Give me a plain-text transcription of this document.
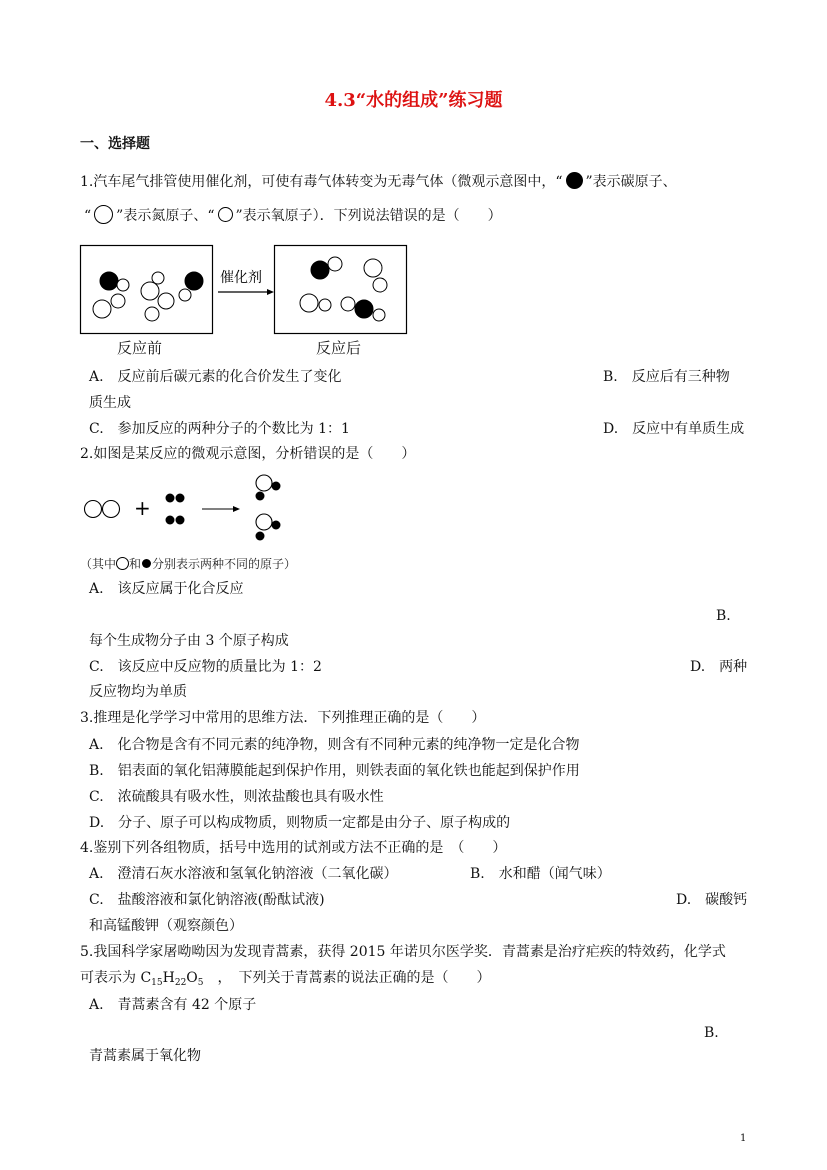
4.3“水的组成”练习题
一、选择题
1.汽车尾气排管使用催化剂，可使有毒气体转变为无毒气体（微观示意图中，“ ”表示碳原子、
“ ”表示氮原子、“ ”表示氧原子）．下列说法错误的是（　　）
催化剂
反应前	反应后
A.　反应前后碳元素的化合价发生了变化	B.　反应后有三种物
质生成
C.　参加反应的两种分子的个数比为 1：1	D.　反应中有单质生成
2.如图是某反应的微观示意图，分析错误的是（　　）
+
（其中 和 分别表示两种不同的原子）
A.　该反应属于化合反应
B.
每个生成物分子由 3 个原子构成
C.　该反应中反应物的质量比为 1：2	D.　两种
反应物均为单质
3.推理是化学学习中常用的思维方法．下列推理正确的是（　　）
A.　化合物是含有不同元素的纯净物，则含有不同种元素的纯净物一定是化合物
B.　铝表面的氧化铝薄膜能起到保护作用，则铁表面的氧化铁也能起到保护作用
C.　浓硫酸具有吸水性，则浓盐酸也具有吸水性
D.　分子、原子可以构成物质，则物质一定都是由分子、原子构成的
4.鉴别下列各组物质，括号中选用的试剂或方法不正确的是　（　　）
A.　澄清石灰水溶液和氢氧化钠溶液（二氧化碳）	B.　水和醋（闻气味）
C.　盐酸溶液和氯化钠溶液(酚酞试液)	D.　碳酸钙
和高锰酸钾（观察颜色）
5.我国科学家屠呦呦因为发现青蒿素，获得 2015 年诺贝尔医学奖．青蒿素是治疗疟疾的特效药，化学式
可表示为 $C_{15}H_{22}O_5$　，　下列关于青蒿素的说法正确的是（　　）
A.　青蒿素含有 42 个原子
B.
青蒿素属于氧化物
1
